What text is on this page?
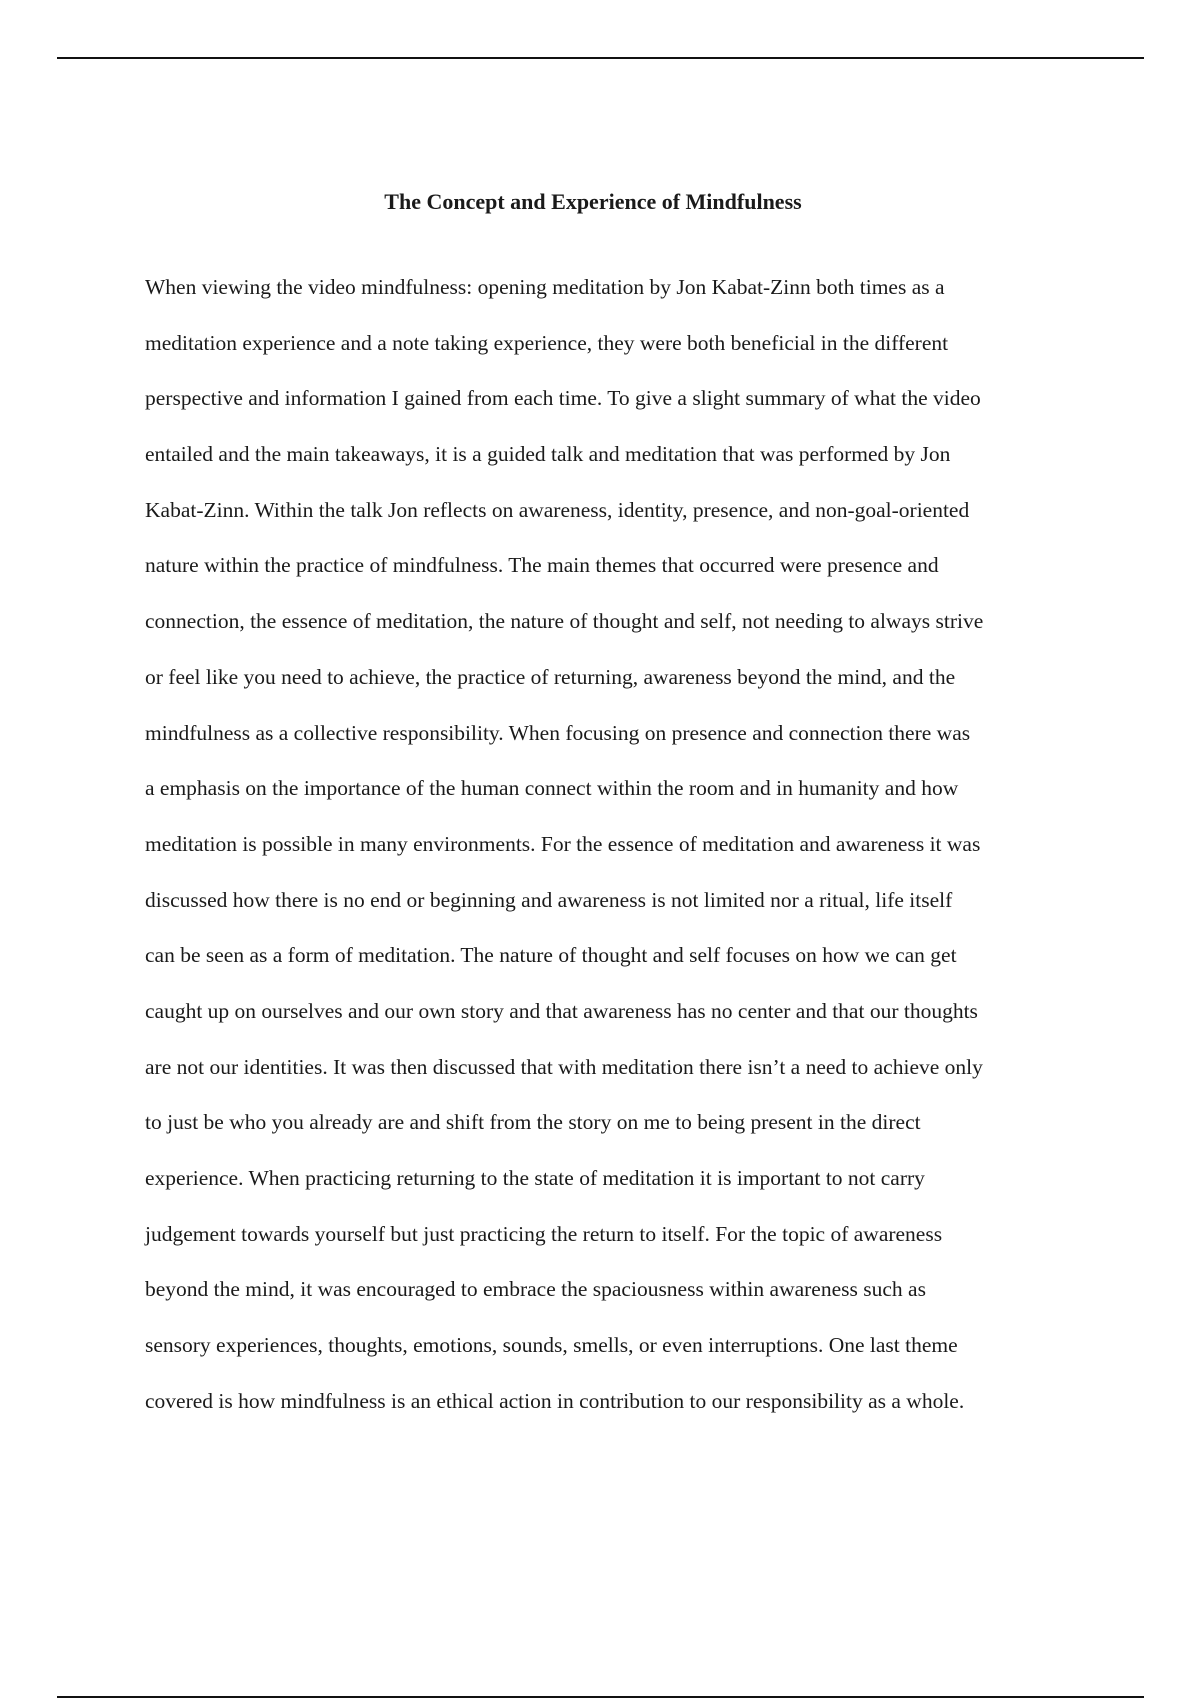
The Concept and Experience of Mindfulness
When viewing the video mindfulness: opening meditation by Jon Kabat-Zinn both times as a
meditation experience and a note taking experience, they were both beneficial in the different
perspective and information I gained from each time. To give a slight summary of what the video
entailed and the main takeaways, it is a guided talk and meditation that was performed by Jon
Kabat-Zinn. Within the talk Jon reflects on awareness, identity, presence, and non-goal-oriented
nature within the practice of mindfulness. The main themes that occurred were presence and
connection, the essence of meditation, the nature of thought and self, not needing to always strive
or feel like you need to achieve, the practice of returning, awareness beyond the mind, and the
mindfulness as a collective responsibility. When focusing on presence and connection there was
a emphasis on the importance of the human connect within the room and in humanity and how
meditation is possible in many environments. For the essence of meditation and awareness it was
discussed how there is no end or beginning and awareness is not limited nor a ritual, life itself
can be seen as a form of meditation. The nature of thought and self focuses on how we can get
caught up on ourselves and our own story and that awareness has no center and that our thoughts
are not our identities. It was then discussed that with meditation there isn’t a need to achieve only
to just be who you already are and shift from the story on me to being present in the direct
experience. When practicing returning to the state of meditation it is important to not carry
judgement towards yourself but just practicing the return to itself. For the topic of awareness
beyond the mind, it was encouraged to embrace the spaciousness within awareness such as
sensory experiences, thoughts, emotions, sounds, smells, or even interruptions. One last theme
covered is how mindfulness is an ethical action in contribution to our responsibility as a whole.
